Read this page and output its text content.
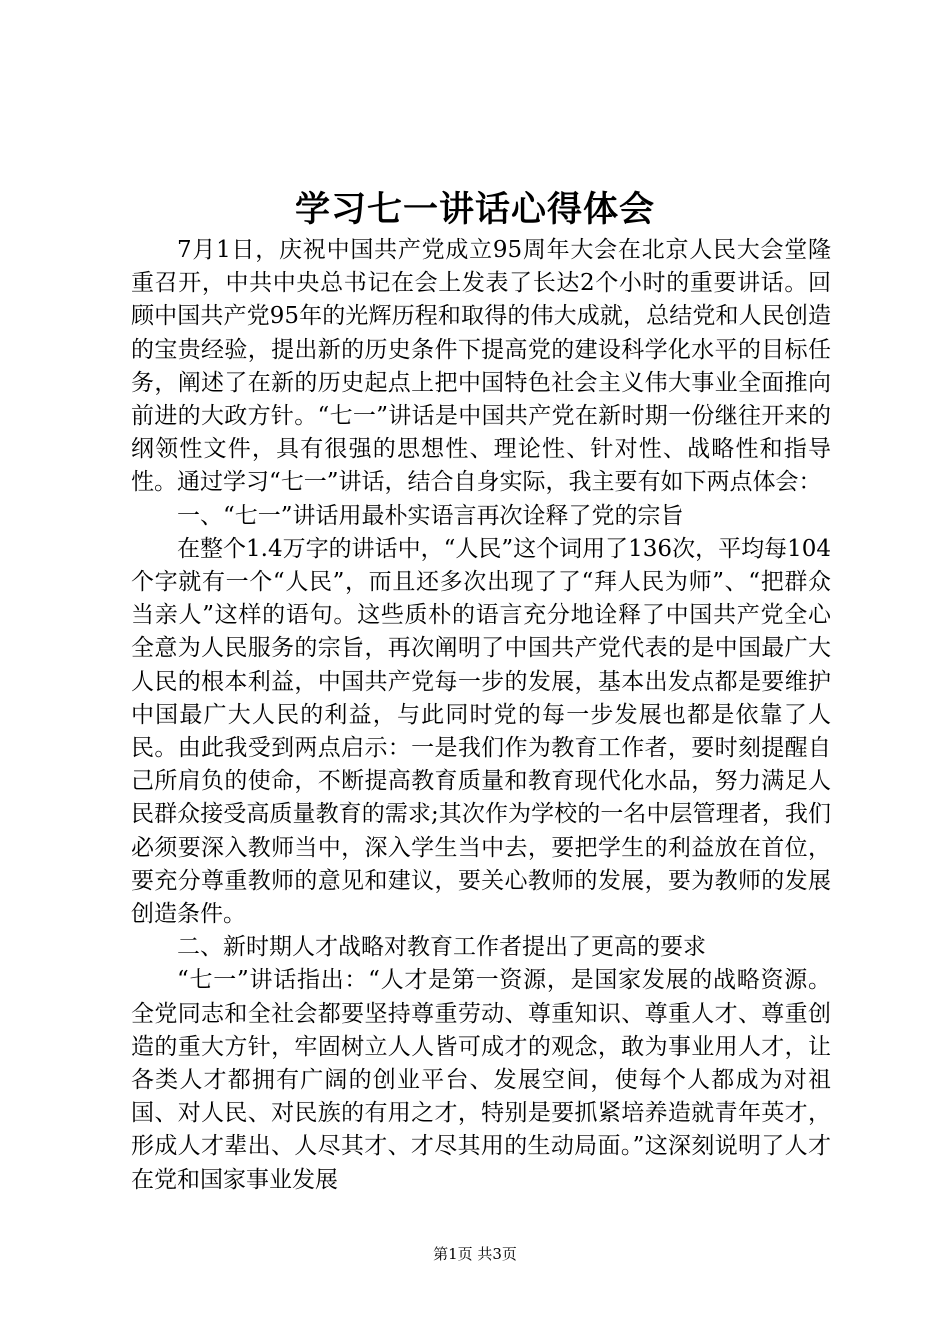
学习七一讲话心得体会

7月1日，庆祝中国共产党成立95周年大会在北京人民大会堂隆重召开，中共中央总书记在会上发表了长达2个小时的重要讲话。回顾中国共产党95年的光辉历程和取得的伟大成就，总结党和人民创造的宝贵经验，提出新的历史条件下提高党的建设科学化水平的目标任务，阐述了在新的历史起点上把中国特色社会主义伟大事业全面推向前进的大政方针。“七一”讲话是中国共产党在新时期一份继往开来的纲领性文件，具有很强的思想性、理论性、针对性、战略性和指导性。通过学习“七一”讲话，结合自身实际，我主要有如下两点体会：

一、“七一”讲话用最朴实语言再次诠释了党的宗旨

在整个1.4万字的讲话中，“人民”这个词用了136次，平均每104个字就有一个“人民”，而且还多次出现了了“拜人民为师”、“把群众当亲人”这样的语句。这些质朴的语言充分地诠释了中国共产党全心全意为人民服务的宗旨，再次阐明了中国共产党代表的是中国最广大人民的根本利益，中国共产党每一步的发展，基本出发点都是要维护中国最广大人民的利益，与此同时党的每一步发展也都是依靠了人民。由此我受到两点启示：一是我们作为教育工作者，要时刻提醒自己所肩负的使命，不断提高教育质量和教育现代化水品，努力满足人民群众接受高质量教育的需求;其次作为学校的一名中层管理者，我们必须要深入教师当中，深入学生当中去，要把学生的利益放在首位，要充分尊重教师的意见和建议，要关心教师的发展，要为教师的发展创造条件。

二、新时期人才战略对教育工作者提出了更高的要求

“七一”讲话指出：“人才是第一资源，是国家发展的战略资源。全党同志和全社会都要坚持尊重劳动、尊重知识、尊重人才、尊重创造的重大方针，牢固树立人人皆可成才的观念，敢为事业用人才，让各类人才都拥有广阔的创业平台、发展空间，使每个人都成为对祖国、对人民、对民族的有用之才，特别是要抓紧培养造就青年英才，形成人才辈出、人尽其才、才尽其用的生动局面。”这深刻说明了人才在党和国家事业发展

第1页 共3页
